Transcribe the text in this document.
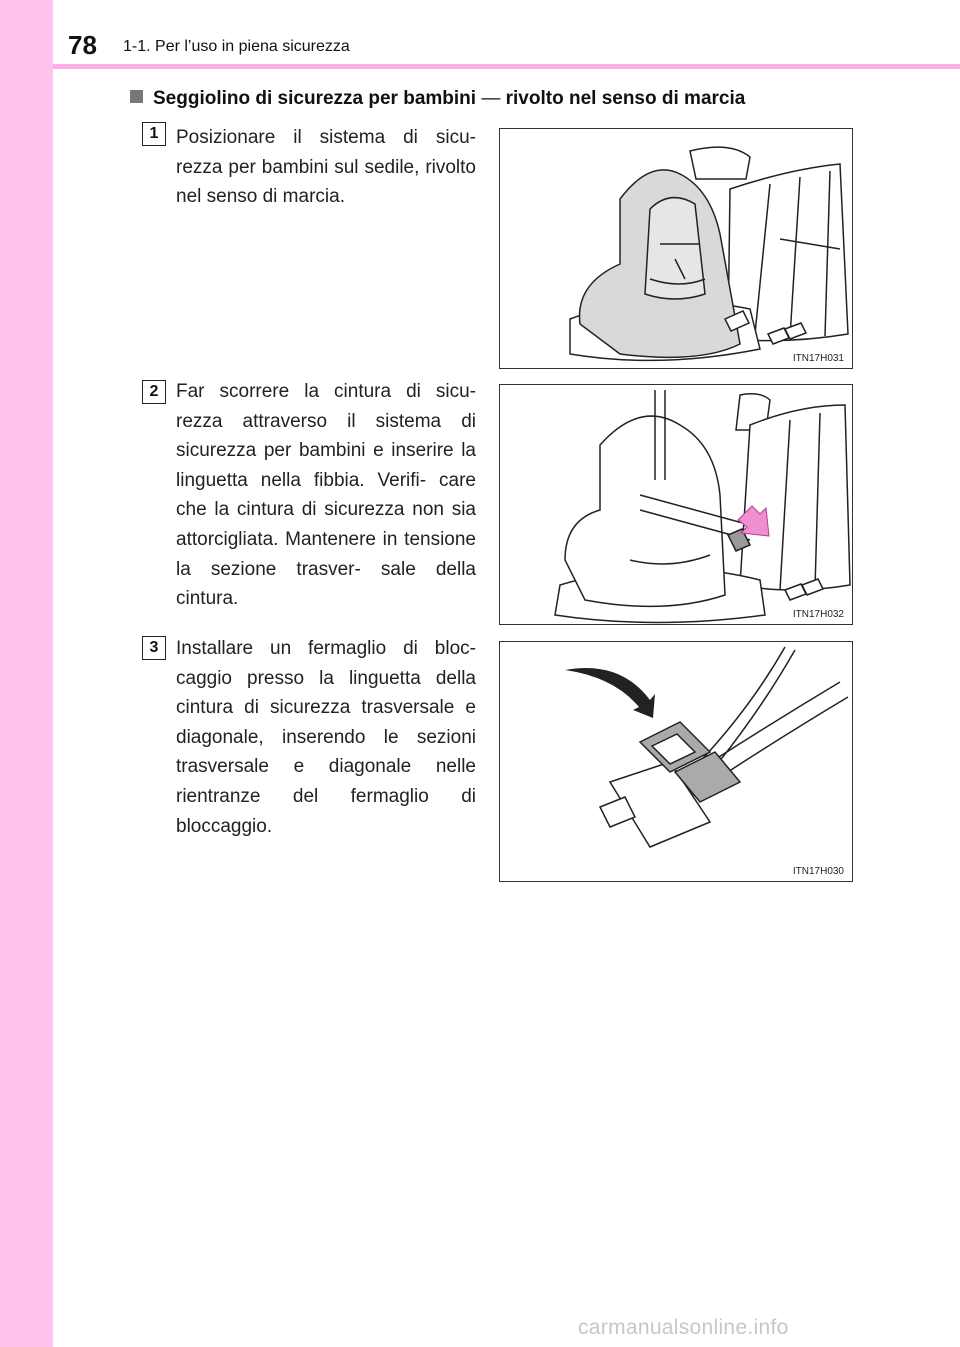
78 1-1. Per l’uso in piena sicurezza
Seggiolino di sicurezza per bambini — rivolto nel senso di marcia
1 Posizionare il sistema di sicu- rezza per bambini sul sedile, rivolto nel senso di marcia.
ITN17H031
2 Far scorrere la cintura di sicu- rezza attraverso il sistema di sicurezza per bambini e inserire la linguetta nella fibbia. Verifi- care che la cintura di sicurezza non sia attorcigliata. Mantenere in tensione la sezione trasver- sale della cintura.
ITN17H032
3 Installare un fermaglio di bloc- caggio presso la linguetta della cintura di sicurezza trasversale e diagonale, inserendo le sezioni trasversale e diagonale nelle rientranze del fermaglio di bloccaggio.
ITN17H030
carmanualsonline.info
